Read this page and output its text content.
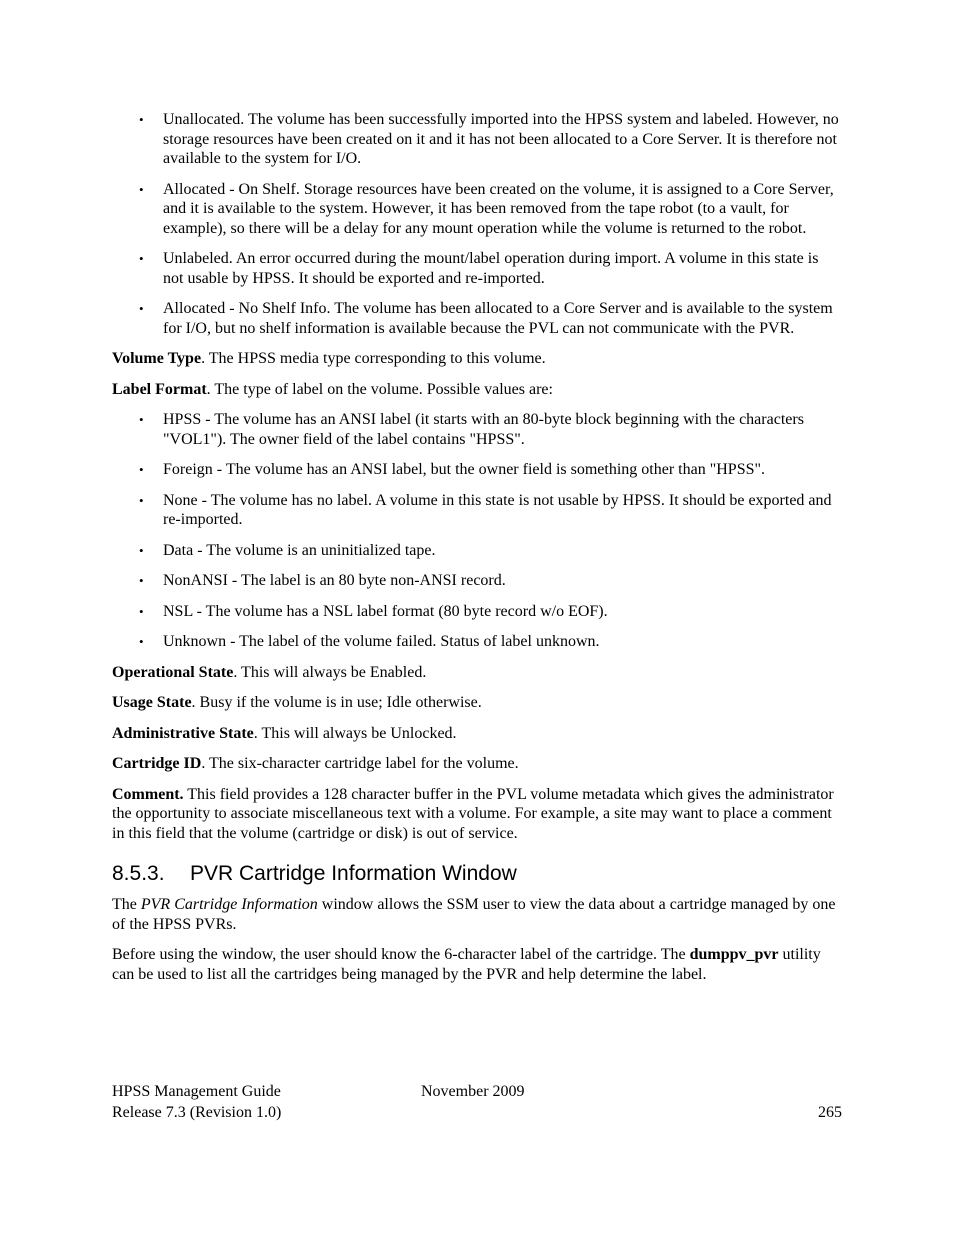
• Unallocated. The volume has been successfully imported into the HPSS system and labeled. However, no storage resources have been created on it and it has not been allocated to a Core Server. It is therefore not available to the system for I/O.
• Allocated - On Shelf. Storage resources have been created on the volume, it is assigned to a Core Server, and it is available to the system. However, it has been removed from the tape robot (to a vault, for example), so there will be a delay for any mount operation while the volume is returned to the robot.
• Unlabeled. An error occurred during the mount/label operation during import. A volume in this state is not usable by HPSS. It should be exported and re-imported.
• Allocated - No Shelf Info. The volume has been allocated to a Core Server and is available to the system for I/O, but no shelf information is available because the PVL can not communicate with the PVR.

Volume Type. The HPSS media type corresponding to this volume.

Label Format. The type of label on the volume. Possible values are:

• HPSS - The volume has an ANSI label (it starts with an 80-byte block beginning with the characters "VOL1"). The owner field of the label contains "HPSS".
• Foreign - The volume has an ANSI label, but the owner field is something other than "HPSS".
• None - The volume has no label. A volume in this state is not usable by HPSS. It should be exported and re-imported.
• Data - The volume is an uninitialized tape.
• NonANSI - The label is an 80 byte non-ANSI record.
• NSL - The volume has a NSL label format (80 byte record w/o EOF).
• Unknown - The label of the volume failed. Status of label unknown.

Operational State. This will always be Enabled.

Usage State. Busy if the volume is in use; Idle otherwise.

Administrative State. This will always be Unlocked.

Cartridge ID. The six-character cartridge label for the volume.

Comment. This field provides a 128 character buffer in the PVL volume metadata which gives the administrator the opportunity to associate miscellaneous text with a volume. For example, a site may want to place a comment in this field that the volume (cartridge or disk) is out of service.

8.5.3. PVR Cartridge Information Window

The PVR Cartridge Information window allows the SSM user to view the data about a cartridge managed by one of the HPSS PVRs.

Before using the window, the user should know the 6-character label of the cartridge. The dumppv_pvr utility can be used to list all the cartridges being managed by the PVR and help determine the label.

HPSS Management Guide
Release 7.3 (Revision 1.0)
November 2009
265
